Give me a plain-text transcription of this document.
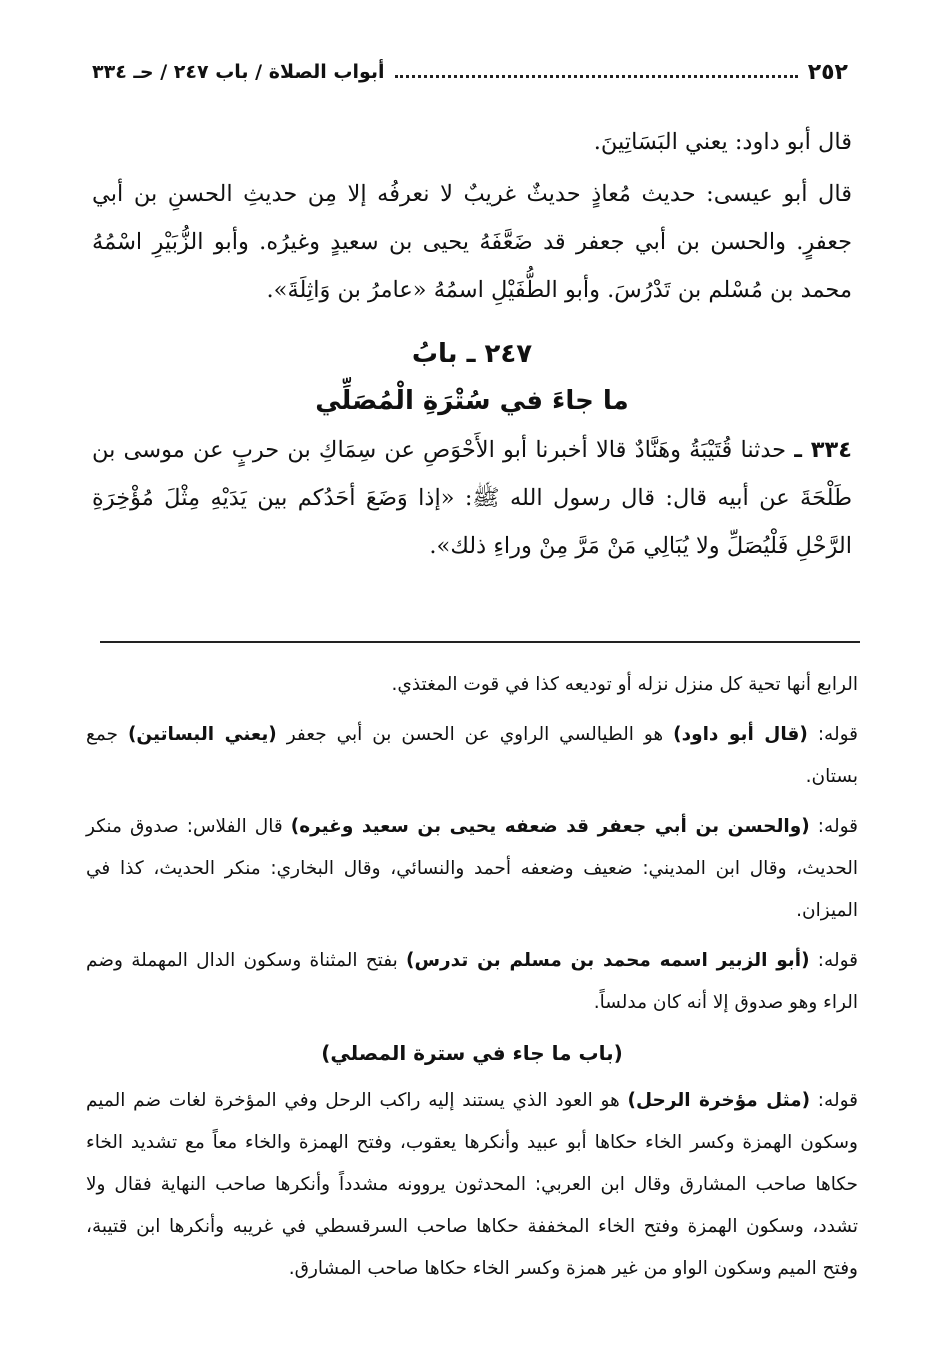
٢٥٢
أبواب الصلاة / باب ٢٤٧ / حـ ٣٣٤

قال أبو داود: يعني البَسَاتِينَ.

قال أبو عيسى: حديث مُعاذٍ حديثٌ غريبٌ لا نعرفُه إلا مِن حديثِ الحسنِ بن أبي جعفرٍ. والحسن بن أبي جعفر قد ضَعَّفَهُ يحيى بن سعيدٍ وغيرُه. وأبو الزُّبَيْرِ اسْمُهُ محمد بن مُسْلم بن تَدْرُسَ. وأبو الطُّفَيْلِ اسمُهُ «عامرُ بن وَاثِلَةَ».

٢٤٧ ـ بابُ
ما جاءَ في سُتْرَةِ الْمُصَلِّي

٣٣٤ ـ حدثنا قُتَيْبَةُ وهَنَّادٌ قالا أخبرنا أبو الأَحْوَصِ عن سِمَاكِ بن حربٍ عن موسى بن طَلْحَةَ عن أبيه قال: قال رسول الله ﷺ: «إذا وَضَعَ أحَدُكم بين يَدَيْهِ مِثْلَ مُؤْخِرَةِ الرَّحْلِ فَلْيُصَلِّ ولا يُبَالِي مَنْ مَرَّ مِنْ وراءِ ذلك».

الرابع أنها تحية كل منزل نزله أو توديعه كذا في قوت المغتذي.

قوله: (قال أبو داود) هو الطيالسي الراوي عن الحسن بن أبي جعفر (يعني البساتين) جمع بستان.

قوله: (والحسن بن أبي جعفر قد ضعفه يحيى بن سعيد وغيره) قال الفلاس: صدوق منكر الحديث، وقال ابن المديني: ضعيف وضعفه أحمد والنسائي، وقال البخاري: منكر الحديث، كذا في الميزان.

قوله: (أبو الزبير اسمه محمد بن مسلم بن تدرس) بفتح المثناة وسكون الدال المهملة وضم الراء وهو صدوق إلا أنه كان مدلساً.

(باب ما جاء في سترة المصلي)

قوله: (مثل مؤخرة الرحل) هو العود الذي يستند إليه راكب الرحل وفي المؤخرة لغات ضم الميم وسكون الهمزة وكسر الخاء حكاها أبو عبيد وأنكرها يعقوب، وفتح الهمزة والخاء معاً مع تشديد الخاء حكاها صاحب المشارق وقال ابن العربي: المحدثون يروونه مشدداً وأنكرها صاحب النهاية فقال ولا تشدد، وسكون الهمزة وفتح الخاء المخففة حكاها صاحب السرقسطي في غريبه وأنكرها ابن قتيبة، وفتح الميم وسكون الواو من غير همزة وكسر الخاء حكاها صاحب المشارق.
